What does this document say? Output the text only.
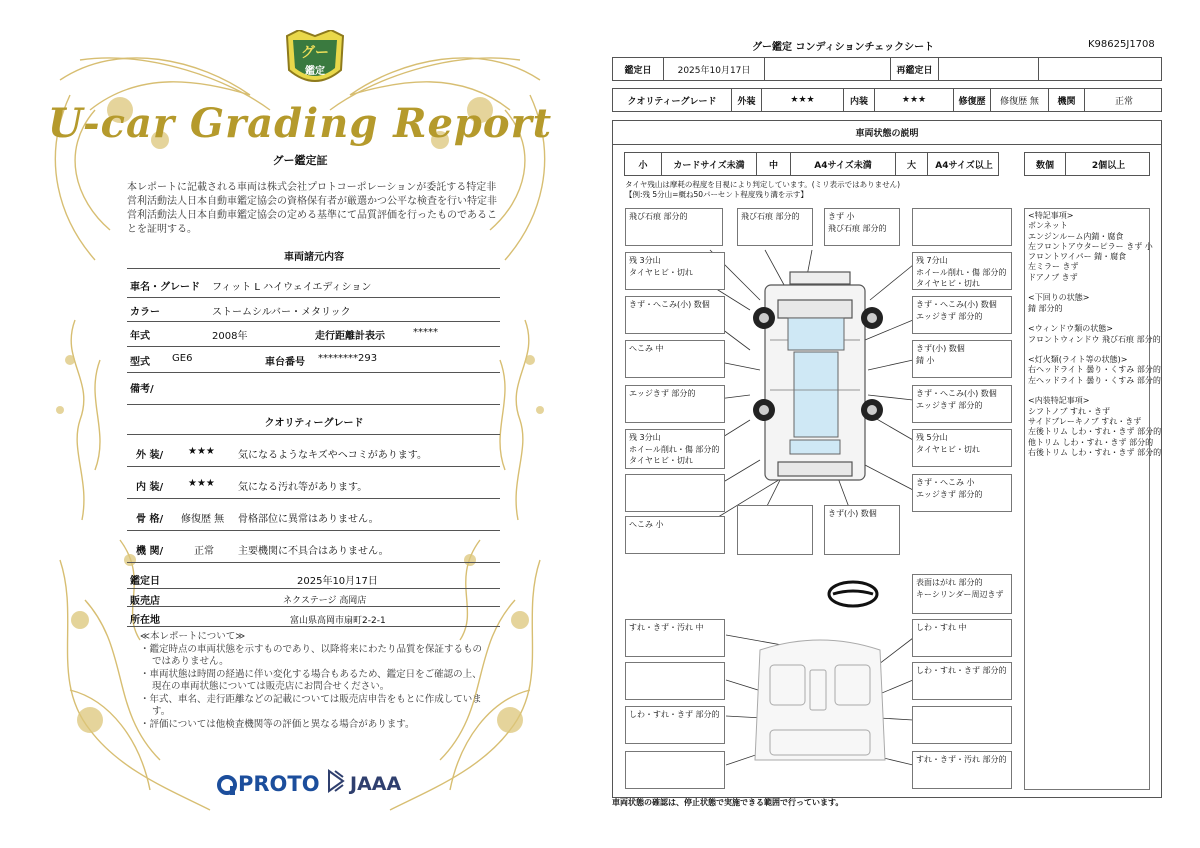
グー
鑑定
U-car Grading Report
グー鑑定証
本レポートに記載される車両は株式会社プロトコーポレーションが委託する特定非営利活動法人日本自動車鑑定協会の資格保有者が厳選かつ公平な検査を行い特定非営利活動法人日本自動車鑑定協会の定める基準にて品質評価を行ったものであることを証明する。
車両諸元内容
車名・グレード フィット L ハイウェイエディション
カラー	ストームシルバー・メタリック
年式	2008年	走行距離計表示	*****
型式 GE6	車台番号 ********293
備考/
クオリティーグレード
外 装/ ★★★ 気になるようなキズやヘコミがあります。
内 装/ ★★★ 気になる汚れ等があります。
骨 格/ 修復歴 無 骨格部位に異常はありません。
機 関/	正常 主要機関に不具合はありません。
鑑定日	2025年10月17日
販売店	ネクステージ 高岡店
所在地	富山県高岡市扇町2-2-1
≪本レポートについて≫
・鑑定時点の車両状態を示すものであり、以降将来にわたり品質を保証するものではありません。
・車両状態は時間の経過に伴い変化する場合もあるため、鑑定日をご確認の上、現在の車両状態については販売店にお問合せください。
・年式、車名、走行距離などの記載については販売店申告をもとに作成しています。
・評価については他検査機関等の評価と異なる場合があります。
PROTO JAAA
グー鑑定 コンディションチェックシート	K98625J1708
鑑定日	2025年10月17日	再鑑定日
クオリティーグレード	外装	★★★	内装	★★★	修復歴	修復歴 無	機関	正常
車両状態の説明
小	カードサイズ未満	中	A4サイズ未満	大	A4サイズ以上	数個	2個以上
タイヤ残山は摩耗の程度を目視により判定しています。(ミリ表示ではありません)
【例:残 5分山=概ね50パーセント程度残り溝を示す】
飛び石痕 部分的	飛び石痕 部分的	きず 小
飛び石痕 部分的
残 3分山
タイヤヒビ・切れ
残 7分山
ホイール削れ・傷 部分的
タイヤヒビ・切れ
きず・へこみ(小) 数個	きず・へこみ(小) 数個
エッジきず 部分的
へこみ 中	きず(小) 数個
錆 小
エッジきず 部分的	きず・へこみ(小) 数個
エッジきず 部分的
残 3分山
ホイール削れ・傷 部分的
タイヤヒビ・切れ
残 5分山
タイヤヒビ・切れ
きず・へこみ 小
エッジきず 部分的
へこみ 小
きず(小) 数個
表面はがれ 部分的
キーシリンダー周辺きず
すれ・きず・汚れ 中	しわ・すれ 中
しわ・すれ・きず 部分的
しわ・すれ・きず 部分的
すれ・きず・汚れ 部分的
<特記事項>
ボンネット
エンジンルーム内錆・腐食
左フロントアウターピラー きず 小
フロントワイパー 錆・腐食
左ミラー きず
ドアノブ きず

<下回りの状態>
錆 部分的

<ウィンドウ類の状態>
フロントウィンドウ 飛び石痕 部分的

<灯火類(ライト等の状態)>
右ヘッドライト 曇り・くすみ 部分的
左ヘッドライト 曇り・くすみ 部分的

<内装特記事項>
シフトノブ すれ・きず
サイドブレーキノブ すれ・きず
左後トリム しわ・すれ・きず 部分的
他トリム しわ・すれ・きず 部分的
右後トリム しわ・すれ・きず 部分的
車両状態の確認は、停止状態で実施できる範囲で行っています。
